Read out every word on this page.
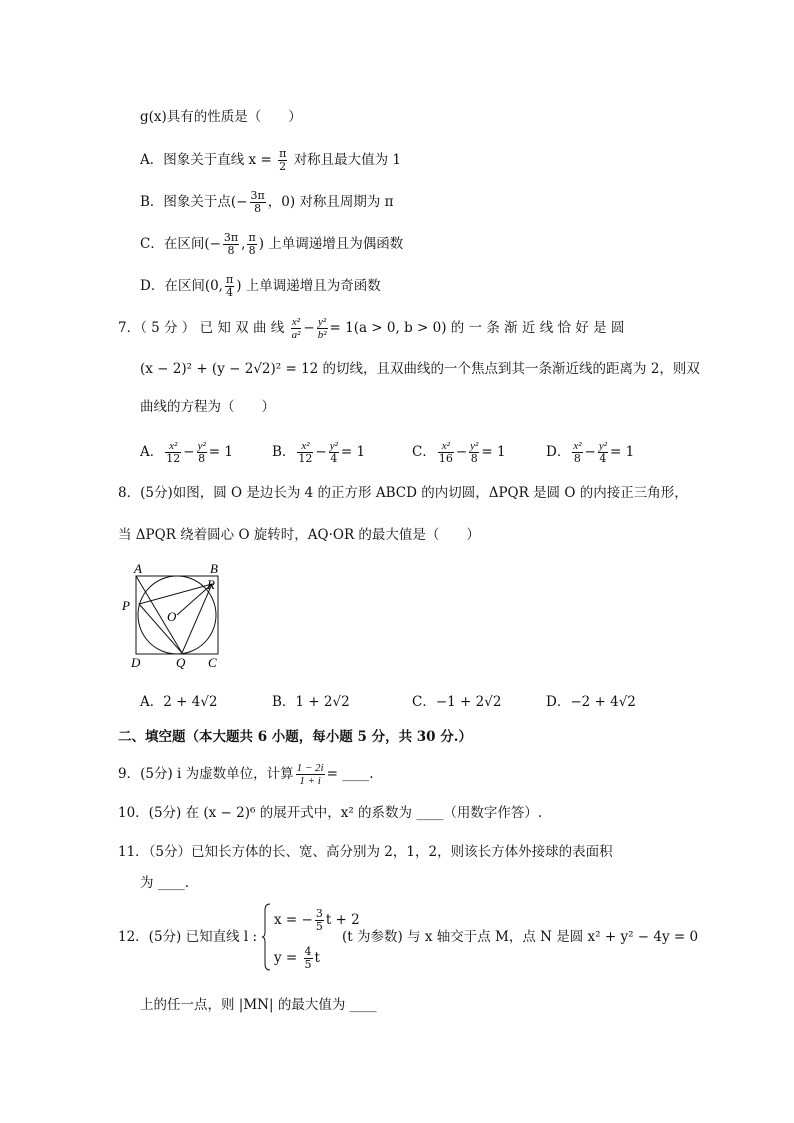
g(x)具有的性质是（　　）
A．图象关于直线 $x = \frac{\pi}{2}$ 对称且最大值为 1
B．图象关于点(− $\frac{3\pi}{8}$ ，0) 对称且周期为 π
C．在区间(− $\frac{3\pi}{8}$ , $\frac{\pi}{8}$ ) 上单调递增且为偶函数
D．在区间(0, $\frac{\pi}{4}$ ) 上单调递增且为奇函数
7．（ 5 分 ） 已 知 双 曲 线 $\frac{\text{x²}}{\text{a²}} - \frac{\text{y²}}{\text{b²}} = 1(a > 0$, b > 0) 的 一 条 渐 近 线 恰 好 是 圆
(x − 2)² + (y − 2√2)² = 12 的切线，且双曲线的一个焦点到其一条渐近线的距离为 2，则双
曲线的方程为（　　）
A． $\frac{\text{x²}}{12} - \frac{\text{y²}}{8} = 1$	B． $\frac{\text{x²}}{12} - \frac{\text{y²}}{4} = 1$	C． $\frac{\text{x²}}{16} - \frac{\text{y²}}{8} = 1$	D． $\frac{\text{x²}}{8} - \frac{\text{y²}}{4} = 1$
8．(5分)如图，圆 O 是边长为 4 的正方形 ABCD 的内切圆，ΔPQR 是圆 O 的内接正三角形，
当 ΔPQR 绕着圆心 O 旋转时，AQ·OR 的最大值是（　　）
A	B
R
P
O
D	Q C
A．2 + 4√2	B．1 + 2√2	C．−1 + 2√2	D．−2 + 4√2
二、填空题（本大题共 6 小题，每小题 5 分，共 30 分.）
9．(5分) i 为虚数单位，计算 $\frac{1 - 2i}{1 + i}$ = ____.
10．(5分) 在 (x − 2)⁶ 的展开式中，x² 的系数为 ____（用数字作答）.
11．（5分）已知长方体的长、宽、高分别为 2，1，2，则该长方体外接球的表面积
为 ____.
12．(5分) 已知直线 l :
x = − $\frac{3}{5}$ t + 2
$y = \frac{4}{5}$ t
(t 为参数) 与 x 轴交于点 M，点 N 是圆 x² + y² − 4y = 0
上的任一点，则 |MN| 的最大值为 ____
